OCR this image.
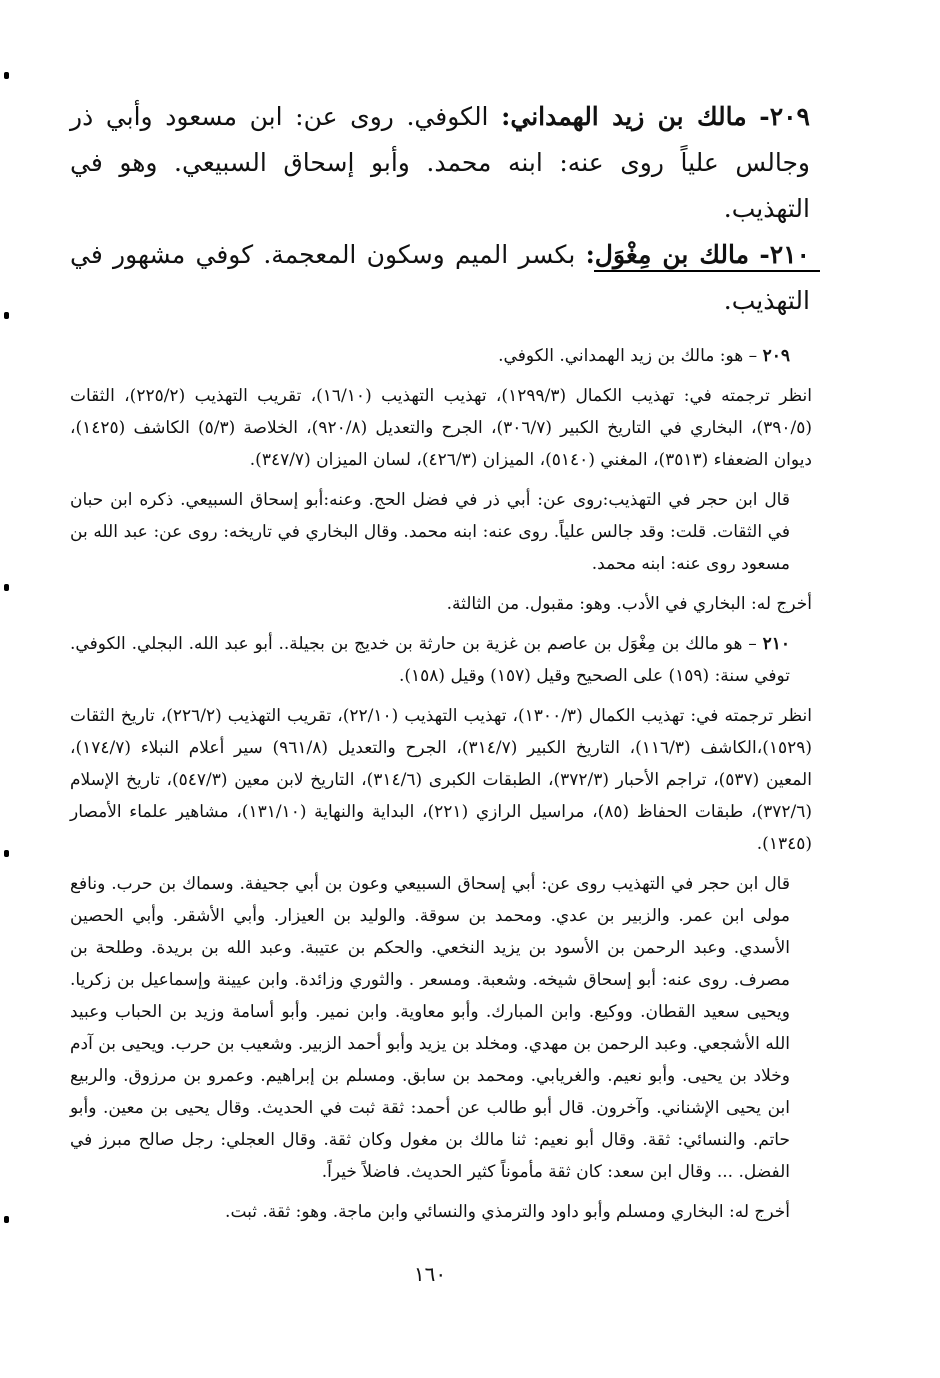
٢٠٩- مالك بن زيد الهمداني: الكوفي. روى عن: ابن مسعود وأبي ذر وجالس علياً روى عنه: ابنه محمد. وأبو إسحاق السبيعي. وهو في التهذيب.

٢١٠- مالك بن مِغْوَل: بكسر الميم وسكون المعجمة. كوفي مشهور في التهذيب.

٢٠٩ – هو: مالك بن زيد الهمداني. الكوفي.

انظر ترجمته في: تهذيب الكمال (١٢٩٩/٣)، تهذيب التهذيب (١٦/١٠)، تقريب التهذيب (٢٢٥/٢)، الثقات (٣٩٠/٥)، البخاري في التاريخ الكبير (٣٠٦/٧)، الجرح والتعديل (٩٢٠/٨)، الخلاصة (٥/٣) الكاشف (١٤٢٥)، ديوان الضعفاء (٣٥١٣)، المغني (٥١٤٠)، الميزان (٤٢٦/٣)، لسان الميزان (٣٤٧/٧).

قال ابن حجر في التهذيب:روى عن: أبي ذر في فضل الحج. وعنه:أبو إسحاق السبيعي. ذكره ابن حبان في الثقات. قلت: وقد جالس علياً. روى عنه: ابنه محمد. وقال البخاري في تاريخه: روى عن: عبد الله بن مسعود روى عنه: ابنه محمد.

أخرج له: البخاري في الأدب. وهو: مقبول. من الثالثة.

٢١٠ – هو مالك بن مِغْوَل بن عاصم بن غزية بن حارثة بن خديج بن بجيلة.. أبو عبد الله. البجلي. الكوفي. توفي سنة: (١٥٩) على الصحيح وقيل (١٥٧) وقيل (١٥٨).

انظر ترجمته في: تهذيب الكمال (١٣٠٠/٣)، تهذيب التهذيب (٢٢/١٠)، تقريب التهذيب (٢٢٦/٢)، تاريخ الثقات (١٥٢٩)،الكاشف (١١٦/٣)، التاريخ الكبير (٣١٤/٧)، الجرح والتعديل (٩٦١/٨) سير أعلام النبلاء (١٧٤/٧)، المعين (٥٣٧)، تراجم الأحبار (٣٧٢/٣)، الطبقات الكبرى (٣١٤/٦)، التاريخ لابن معين (٥٤٧/٣)، تاريخ الإسلام (٣٧٢/٦)، طبقات الحفاظ (٨٥)، مراسيل الرازي (٢٢١)، البداية والنهاية (١٣١/١٠)، مشاهير علماء الأمصار (١٣٤٥).

قال ابن حجر في التهذيب روى عن: أبي إسحاق السبيعي وعون بن أبي جحيفة. وسماك بن حرب. ونافع مولى ابن عمر. والزبير بن عدي. ومحمد بن سوقة. والوليد بن العيزار. وأبي الأشقر. وأبي الحصين الأسدي. وعبد الرحمن بن الأسود بن يزيد النخعي. والحكم بن عتيبة. وعبد الله بن بريدة. وطلحة بن مصرف. روى عنه: أبو إسحاق شيخه. وشعبة. ومسعر . والثوري وزائدة. وابن عيينة وإسماعيل بن زكريا. ويحيى سعيد القطان. ووكيع. وابن المبارك. وأبو معاوية. وابن نمير. وأبو أسامة وزيد بن الحباب وعبيد الله الأشجعي. وعبد الرحمن بن مهدي. ومخلد بن يزيد وأبو أحمد الزبير. وشعيب بن حرب. ويحيى بن آدم وخلاد بن يحيى. وأبو نعيم. والغريابي. ومحمد بن سابق. ومسلم بن إبراهيم. وعمرو بن مرزوق. والربيع ابن يحيى الإشناني. وآخرون. قال أبو طالب عن أحمد: ثقة ثبت في الحديث. وقال يحيى بن معين. وأبو حاتم. والنسائي: ثقة. وقال أبو نعيم: ثنا مالك بن مغول وكان ثقة. وقال العجلي: رجل صالح مبرز في الفضل. ... وقال ابن سعد: كان ثقة مأموناً كثير الحديث. فاضلاً خيراً.

أخرج له: البخاري ومسلم وأبو داود والترمذي والنسائي وابن ماجة. وهو: ثقة. ثبت.

١٦٠
